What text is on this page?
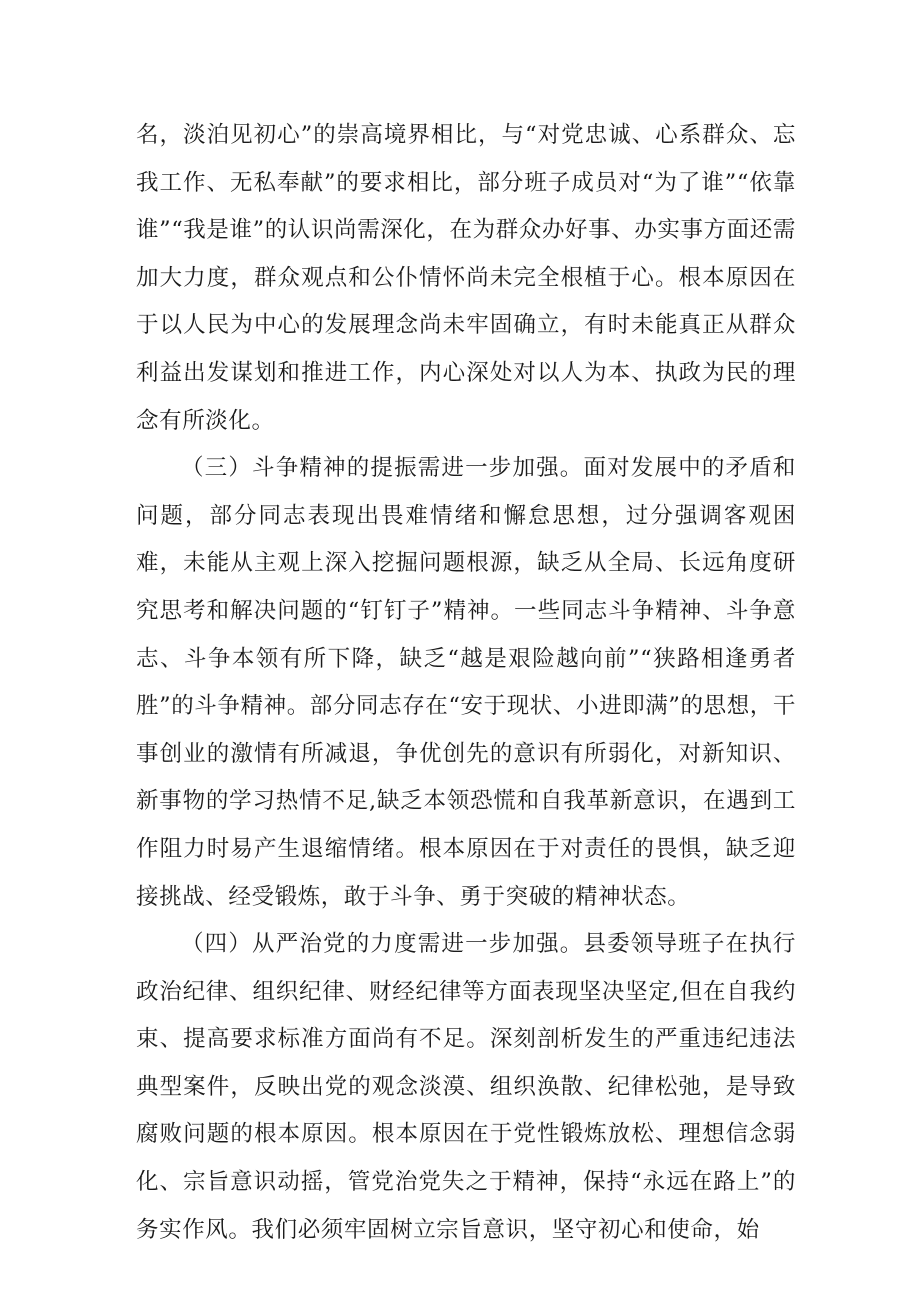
名，淡泊见初心”的崇高境界相比，与“对党忠诚、心系群众、忘我工作、无私奉献”的要求相比，部分班子成员对“为了谁”“依靠谁”“我是谁”的认识尚需深化，在为群众办好事、办实事方面还需加大力度，群众观点和公仆情怀尚未完全根植于心。根本原因在于以人民为中心的发展理念尚未牢固确立，有时未能真正从群众利益出发谋划和推进工作，内心深处对以人为本、执政为民的理念有所淡化。

（三）斗争精神的提振需进一步加强。面对发展中的矛盾和问题，部分同志表现出畏难情绪和懈怠思想，过分强调客观困难，未能从主观上深入挖掘问题根源，缺乏从全局、长远角度研究思考和解决问题的“钉钉子”精神。一些同志斗争精神、斗争意志、斗争本领有所下降，缺乏“越是艰险越向前”“狭路相逢勇者胜”的斗争精神。部分同志存在“安于现状、小进即满”的思想，干事创业的激情有所减退，争优创先的意识有所弱化，对新知识、新事物的学习热情不足,缺乏本领恐慌和自我革新意识，在遇到工作阻力时易产生退缩情绪。根本原因在于对责任的畏惧，缺乏迎接挑战、经受锻炼，敢于斗争、勇于突破的精神状态。

（四）从严治党的力度需进一步加强。县委领导班子在执行政治纪律、组织纪律、财经纪律等方面表现坚决坚定,但在自我约束、提高要求标准方面尚有不足。深刻剖析发生的严重违纪违法典型案件，反映出党的观念淡漠、组织涣散、纪律松弛，是导致腐败问题的根本原因。根本原因在于党性锻炼放松、理想信念弱化、宗旨意识动摇，管党治党失之于精神，保持“永远在路上”的务实作风。我们必须牢固树立宗旨意识，坚守初心和使命，始
